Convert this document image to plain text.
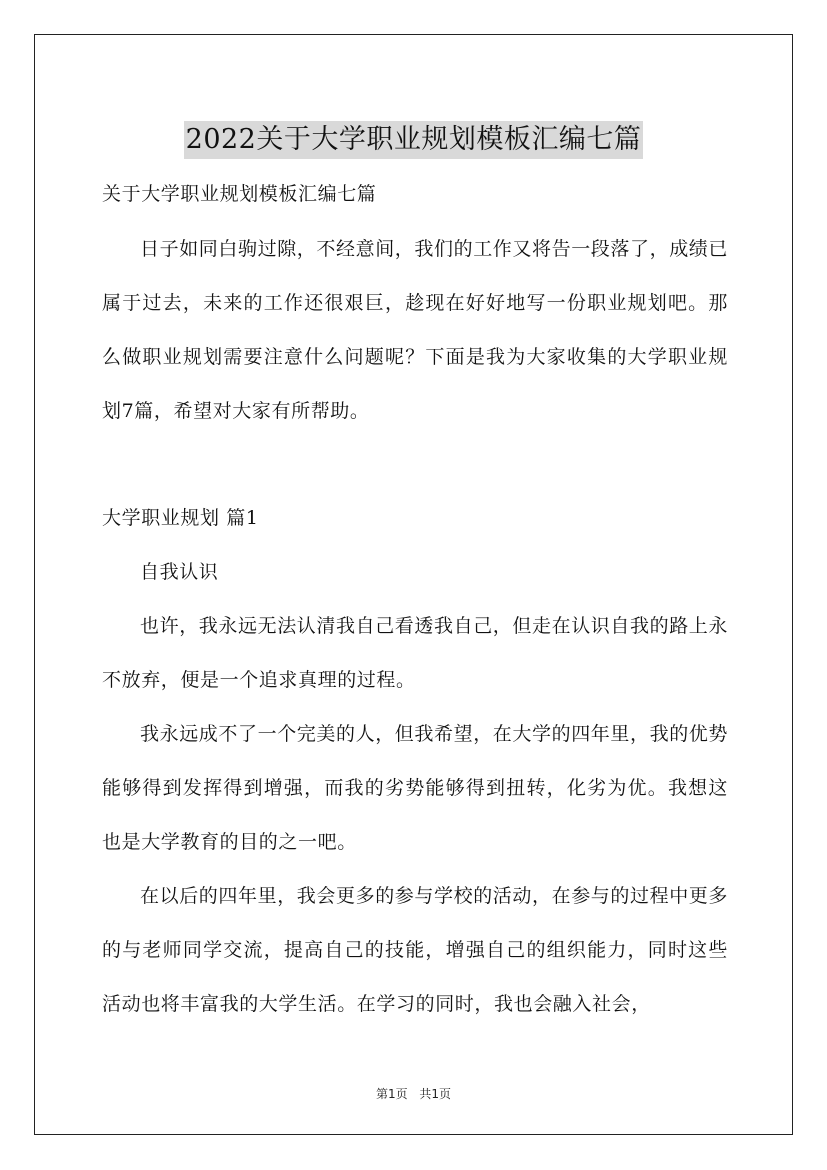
2022关于大学职业规划模板汇编七篇
关于大学职业规划模板汇编七篇

日子如同白驹过隙，不经意间，我们的工作又将告一段落了，成绩已属于过去，未来的工作还很艰巨，趁现在好好地写一份职业规划吧。那么做职业规划需要注意什么问题呢？下面是我为大家收集的大学职业规划7篇，希望对大家有所帮助。

大学职业规划 篇1

自我认识

也许，我永远无法认清我自己看透我自己，但走在认识自我的路上永不放弃，便是一个追求真理的过程。

我永远成不了一个完美的人，但我希望，在大学的四年里，我的优势能够得到发挥得到增强，而我的劣势能够得到扭转，化劣为优。我想这也是大学教育的目的之一吧。

在以后的四年里，我会更多的参与学校的活动，在参与的过程中更多的与老师同学交流，提高自己的技能，增强自己的组织能力，同时这些活动也将丰富我的大学生活。在学习的同时，我也会融入社会，

第1页 共1页
